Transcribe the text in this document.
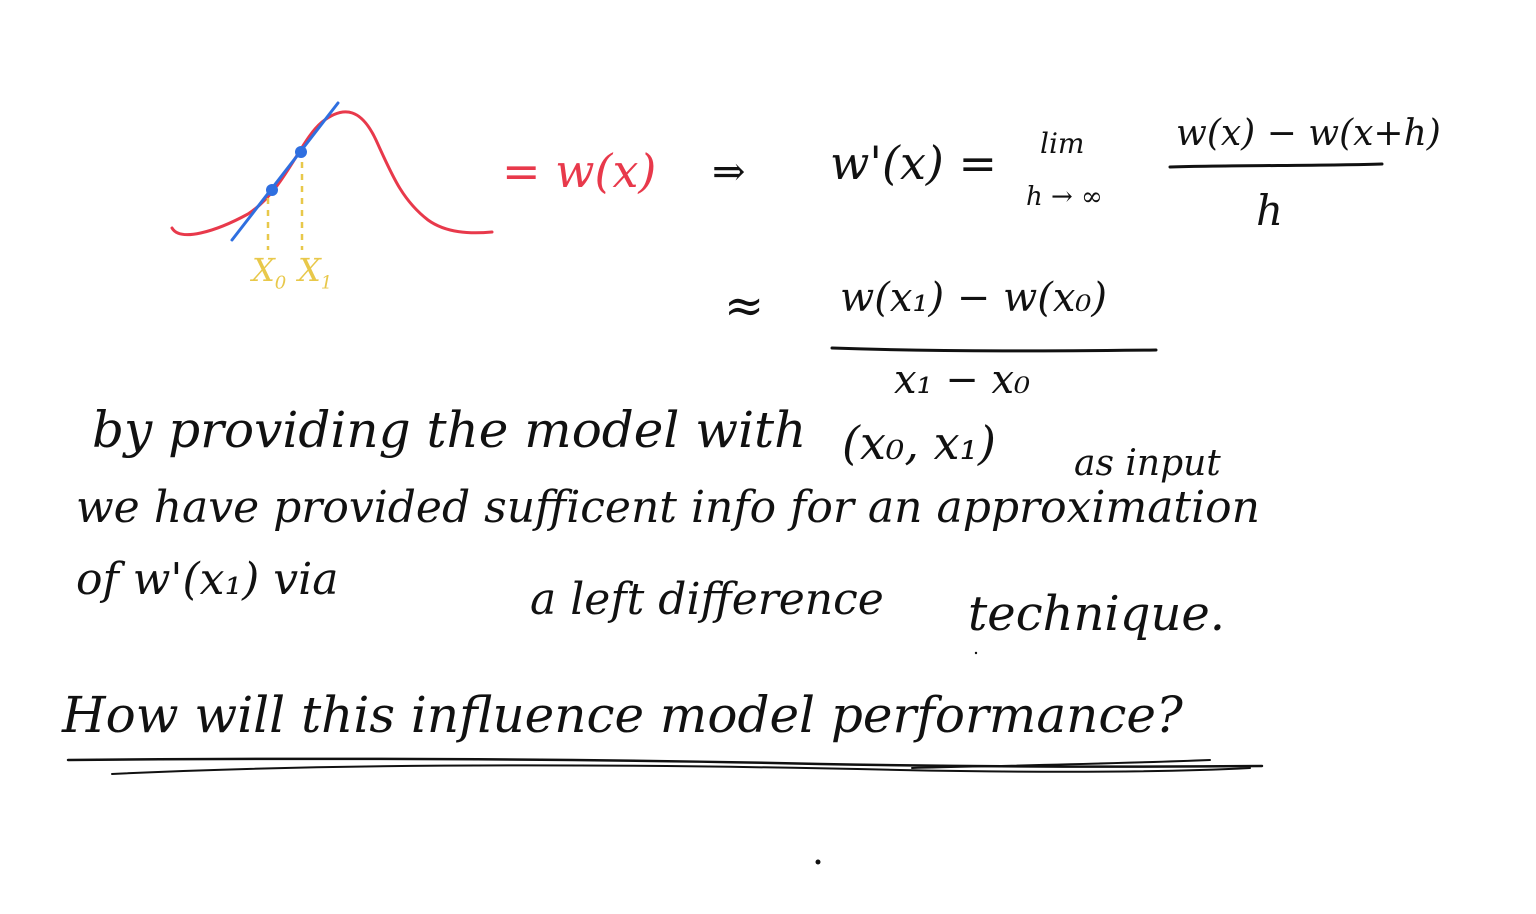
$X_0$ $X_1$
= w(x) ⇒ w'(x) = lim
h → ∞
w(x) − w(x+h)
h
≈ w(x₁) − w(x₀)
x₁ − x₀
by providing the model with (x₀, x₁) as input
we have provided sufficent info for an approximation
of w'(x₁) via	a left difference technique.
How will this influence model performance?
